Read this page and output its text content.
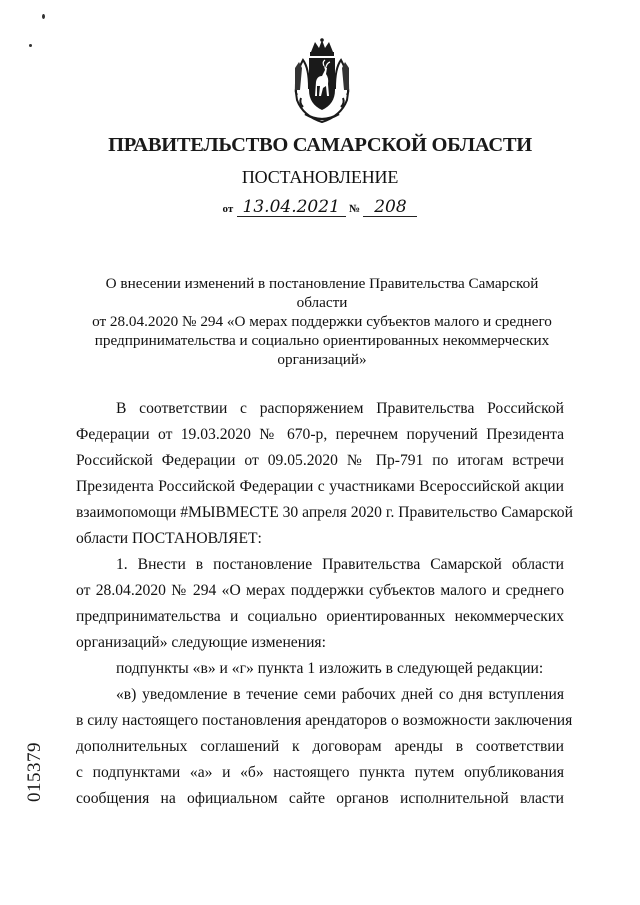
ПРАВИТЕЛЬСТВО САМАРСКОЙ ОБЛАСТИ
ПОСТАНОВЛЕНИЕ
от 13.04.2021 № 208
О внесении изменений в постановление Правительства Самарской области
от 28.04.2020 № 294 «О мерах поддержки субъектов малого и среднего
предпринимательства и социально ориентированных некоммерческих
организаций»
В соответствии с распоряжением Правительства Российской
Федерации от 19.03.2020 № 670-р, перечнем поручений Президента
Российской Федерации от 09.05.2020 № Пр-791 по итогам встречи
Президента Российской Федерации с участниками Всероссийской акции
взаимопомощи #МЫВМЕСТЕ 30 апреля 2020 г. Правительство Самарской
области ПОСТАНОВЛЯЕТ:
1. Внести в постановление Правительства Самарской области
от 28.04.2020 № 294 «О мерах поддержки субъектов малого и среднего
предпринимательства и социально ориентированных некоммерческих
организаций» следующие изменения:
подпункты «в» и «г» пункта 1 изложить в следующей редакции:
«в) уведомление в течение семи рабочих дней со дня вступления
в силу настоящего постановления арендаторов о возможности заключения
дополнительных соглашений к договорам аренды в соответствии
с подпунктами «а» и «б» настоящего пункта путем опубликования
сообщения на официальном сайте органов исполнительной власти
015379
